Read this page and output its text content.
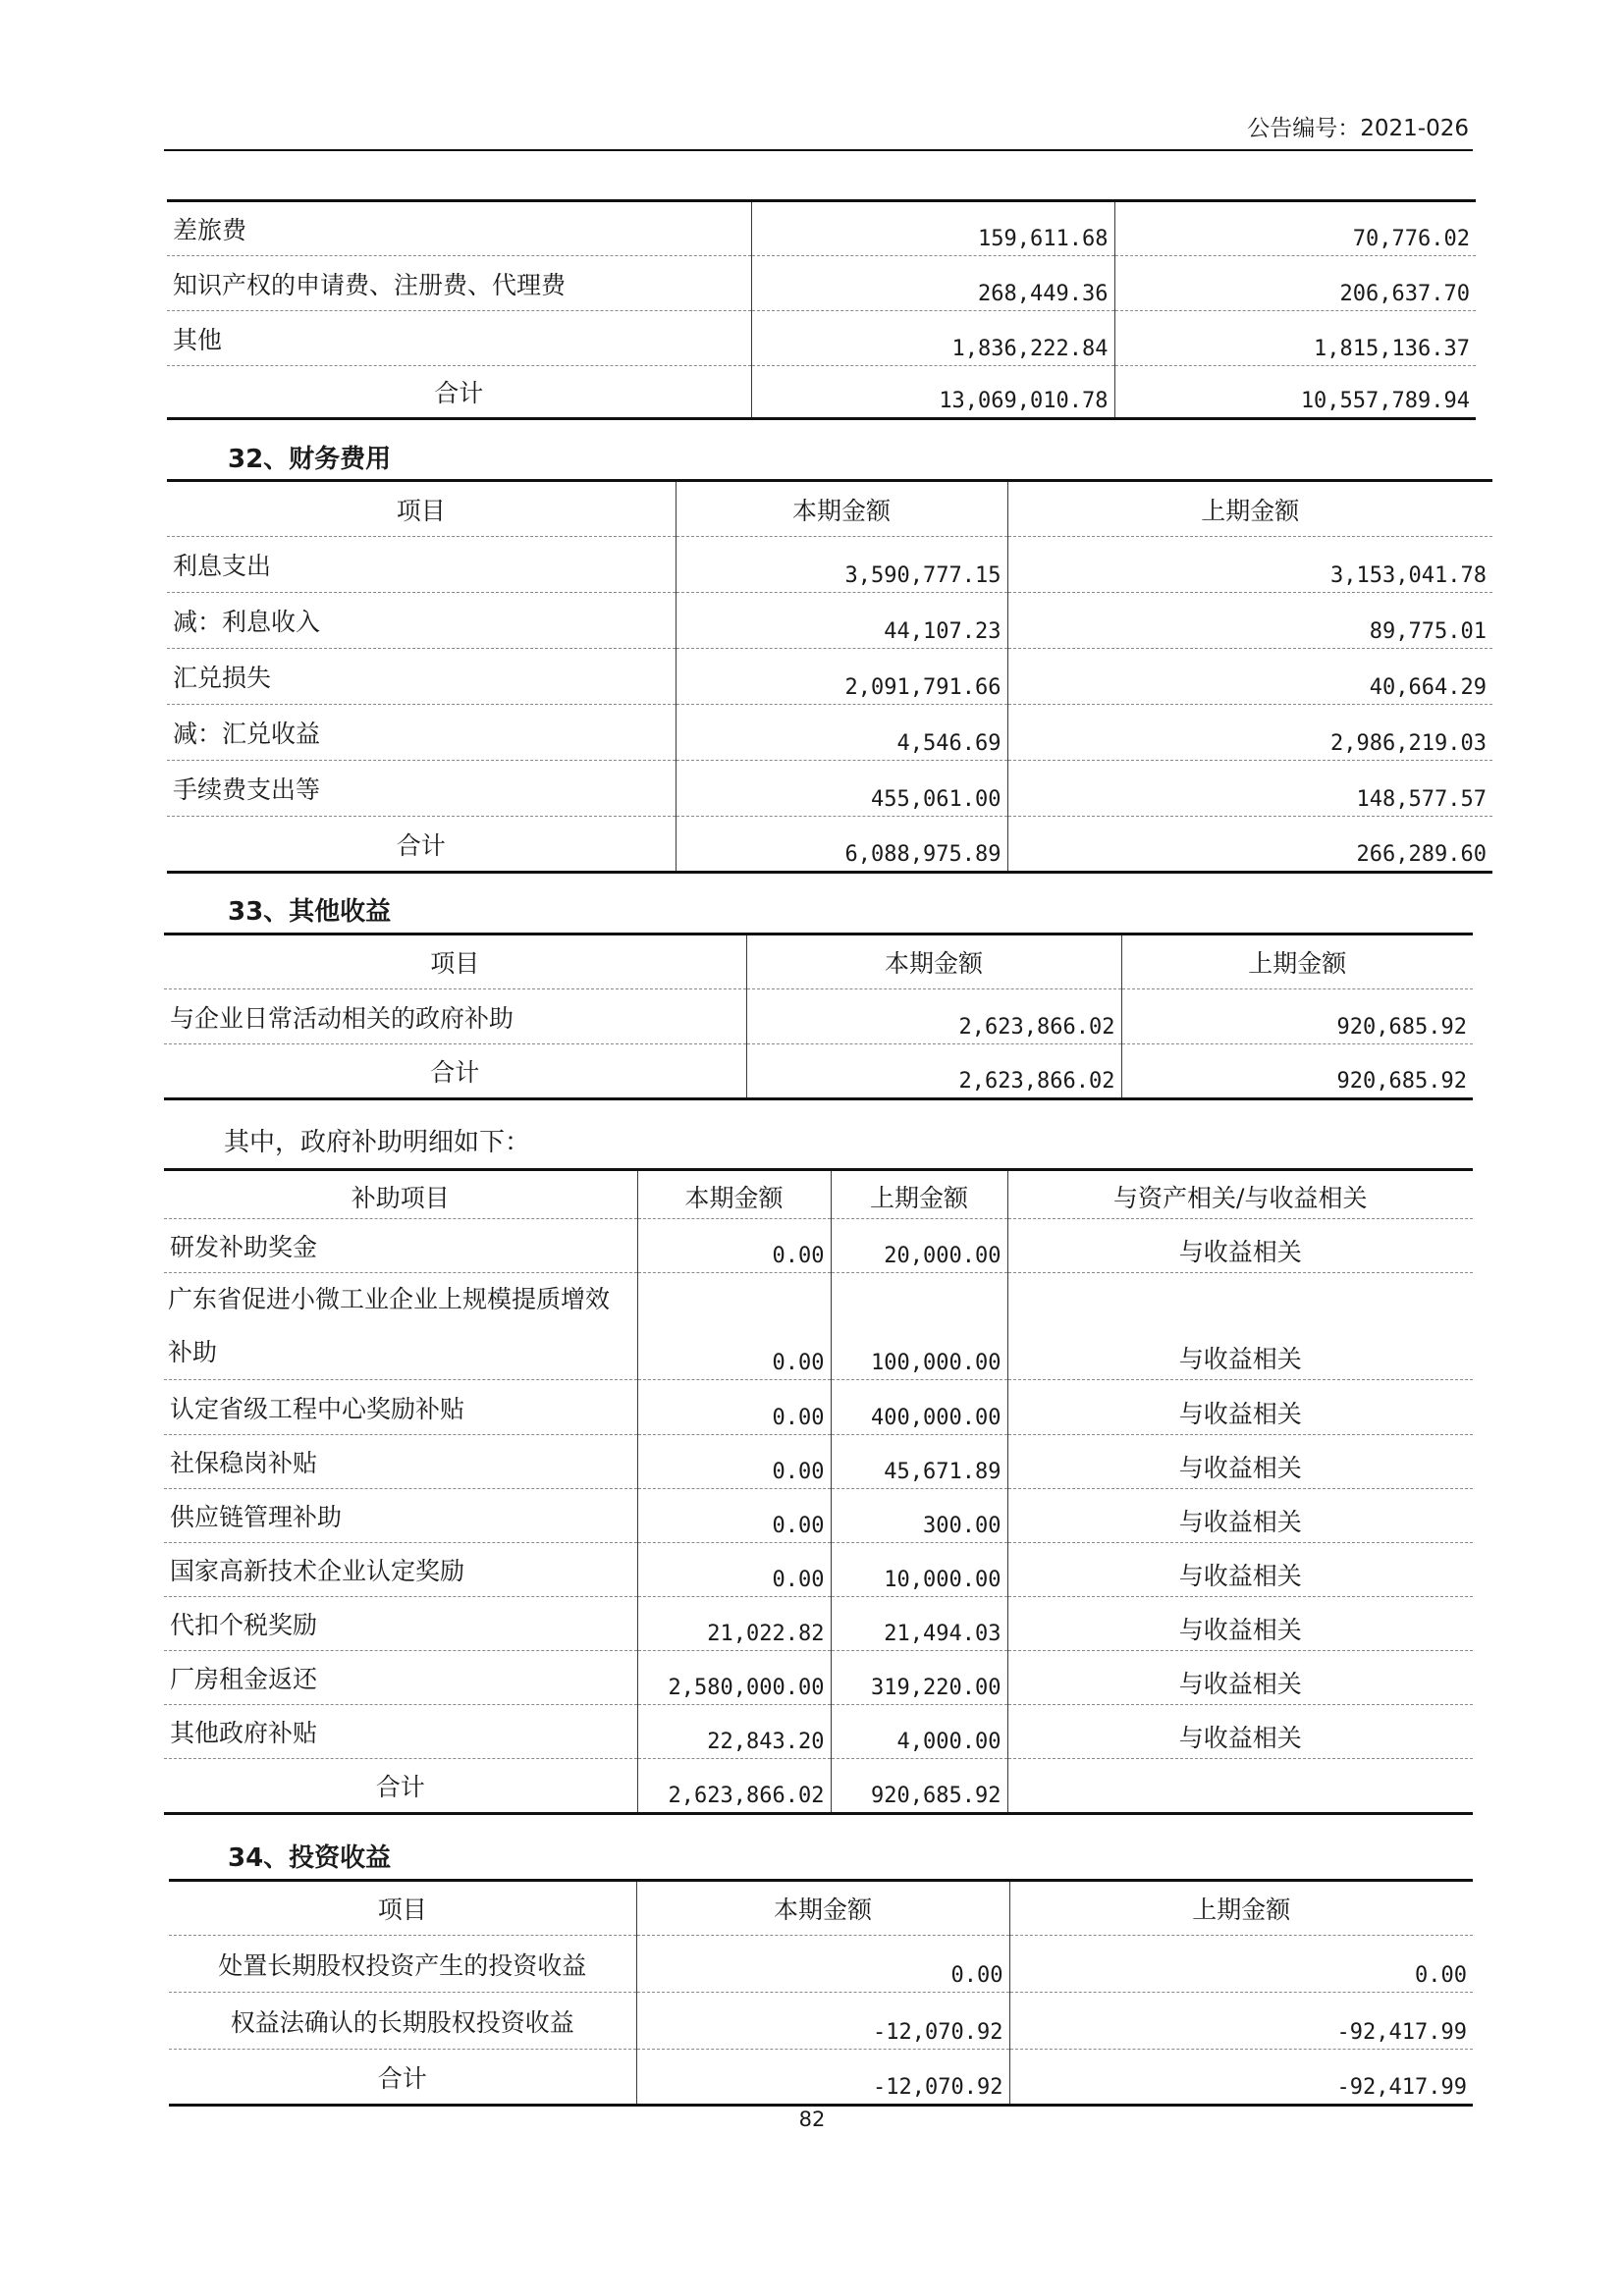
公告编号：2021-026
差旅费	159,611.68	70,776.02
知识产权的申请费、注册费、代理费	268,449.36	206,637.70
其他	1,836,222.84	1,815,136.37
合计	13,069,010.78	10,557,789.94
32、财务费用
项目	本期金额	上期金额
利息支出	3,590,777.15	3,153,041.78
减：利息收入	44,107.23	89,775.01
汇兑损失	2,091,791.66	40,664.29
减：汇兑收益	4,546.69	2,986,219.03
手续费支出等	455,061.00	148,577.57
合计	6,088,975.89	266,289.60
33、其他收益
项目	本期金额	上期金额
与企业日常活动相关的政府补助	2,623,866.02	920,685.92
合计	2,623,866.02	920,685.92
其中，政府补助明细如下：
补助项目	本期金额	上期金额	与资产相关/与收益相关
研发补助奖金	0.00	20,000.00	与收益相关
广东省促进小微工业企业上规模提质增效补助	0.00	100,000.00	与收益相关
认定省级工程中心奖励补贴	0.00	400,000.00	与收益相关
社保稳岗补贴	0.00	45,671.89	与收益相关
供应链管理补助	0.00	300.00	与收益相关
国家高新技术企业认定奖励	0.00	10,000.00	与收益相关
代扣个税奖励	21,022.82	21,494.03	与收益相关
厂房租金返还	2,580,000.00	319,220.00	与收益相关
其他政府补贴	22,843.20	4,000.00	与收益相关
合计	2,623,866.02	920,685.92	
34、投资收益
项目	本期金额	上期金额
处置长期股权投资产生的投资收益	0.00	0.00
权益法确认的长期股权投资收益	-12,070.92	-92,417.99
合计	-12,070.92	-92,417.99
82
